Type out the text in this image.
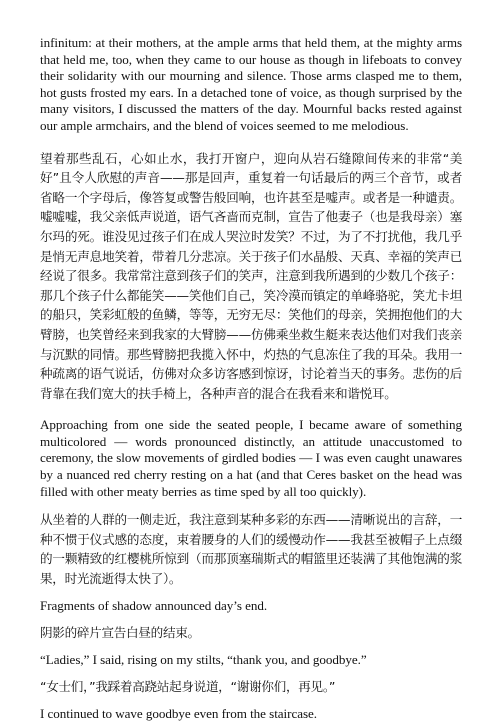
infinitum: at their mothers, at the ample arms that held them, at the mighty arms that held me, too, when they came to our house as though in lifeboats to convey their solidarity with our mourning and silence. Those arms clasped me to them, hot gusts frosted my ears. In a detached tone of voice, as though surprised by the many visitors, I discussed the matters of the day. Mournful backs rested against our ample armchairs, and the blend of voices seemed to me melodious.

望着那些乱石，心如止水，我打开窗户，迎向从岩石缝隙间传来的非常“美好”且令人欣慰的声音——那是回声，重复着一句话最后的两三个音节，或者省略一个字母后，像答复或警告般回响，也许甚至是嘘声。或者是一种谴责。嘘嘘嘘，我父亲低声说道，语气吝啬而克制，宣告了他妻子（也是我母亲）塞尔玛的死。谁没见过孩子们在成人哭泣时发笑？不过，为了不打扰他，我几乎是悄无声息地笑着，带着几分悲凉。关于孩子们水晶般、天真、幸福的笑声已经说了很多。我常常注意到孩子们的笑声，注意到我所遇到的少数几个孩子：那几个孩子什么都能笑——笑他们自己，笑冷漠而镇定的单峰骆驼，笑尤卡坦的船只，笑彩虹般的鱼鳞，等等，无穷无尽：笑他们的母亲，笑拥抱他们的大臂膀，也笑曾经来到我家的大臂膀——仿佛乘坐救生艇来表达他们对我们丧亲与沉默的同情。那些臂膀把我揽入怀中，灼热的气息冻住了我的耳朵。我用一种疏离的语气说话，仿佛对众多访客感到惊讶，讨论着当天的事务。悲伤的后背靠在我们宽大的扶手椅上，各种声音的混合在我看来和谐悦耳。

Approaching from one side the seated people, I became aware of something multicolored — words pronounced distinctly, an attitude unaccustomed to ceremony, the slow movements of girdled bodies — I was even caught unawares by a nuanced red cherry resting on a hat (and that Ceres basket on the head was filled with other meaty berries as time sped by all too quickly).

从坐着的人群的一侧走近，我注意到某种多彩的东西——清晰说出的言辞，一种不惯于仪式感的态度，束着腰身的人们的缓慢动作——我甚至被帽子上点缀的一颗精致的红樱桃所惊到（而那顶塞瑞斯式的帽篮里还装满了其他饱满的浆果，时光流逝得太快了）。

Fragments of shadow announced day’s end.

阴影的碎片宣告白昼的结束。

“Ladies,” I said, rising on my stilts, “thank you, and goodbye.”

“女士们，”我踩着高跷站起身说道，“谢谢你们，再见。”

I continued to wave goodbye even from the staircase.
